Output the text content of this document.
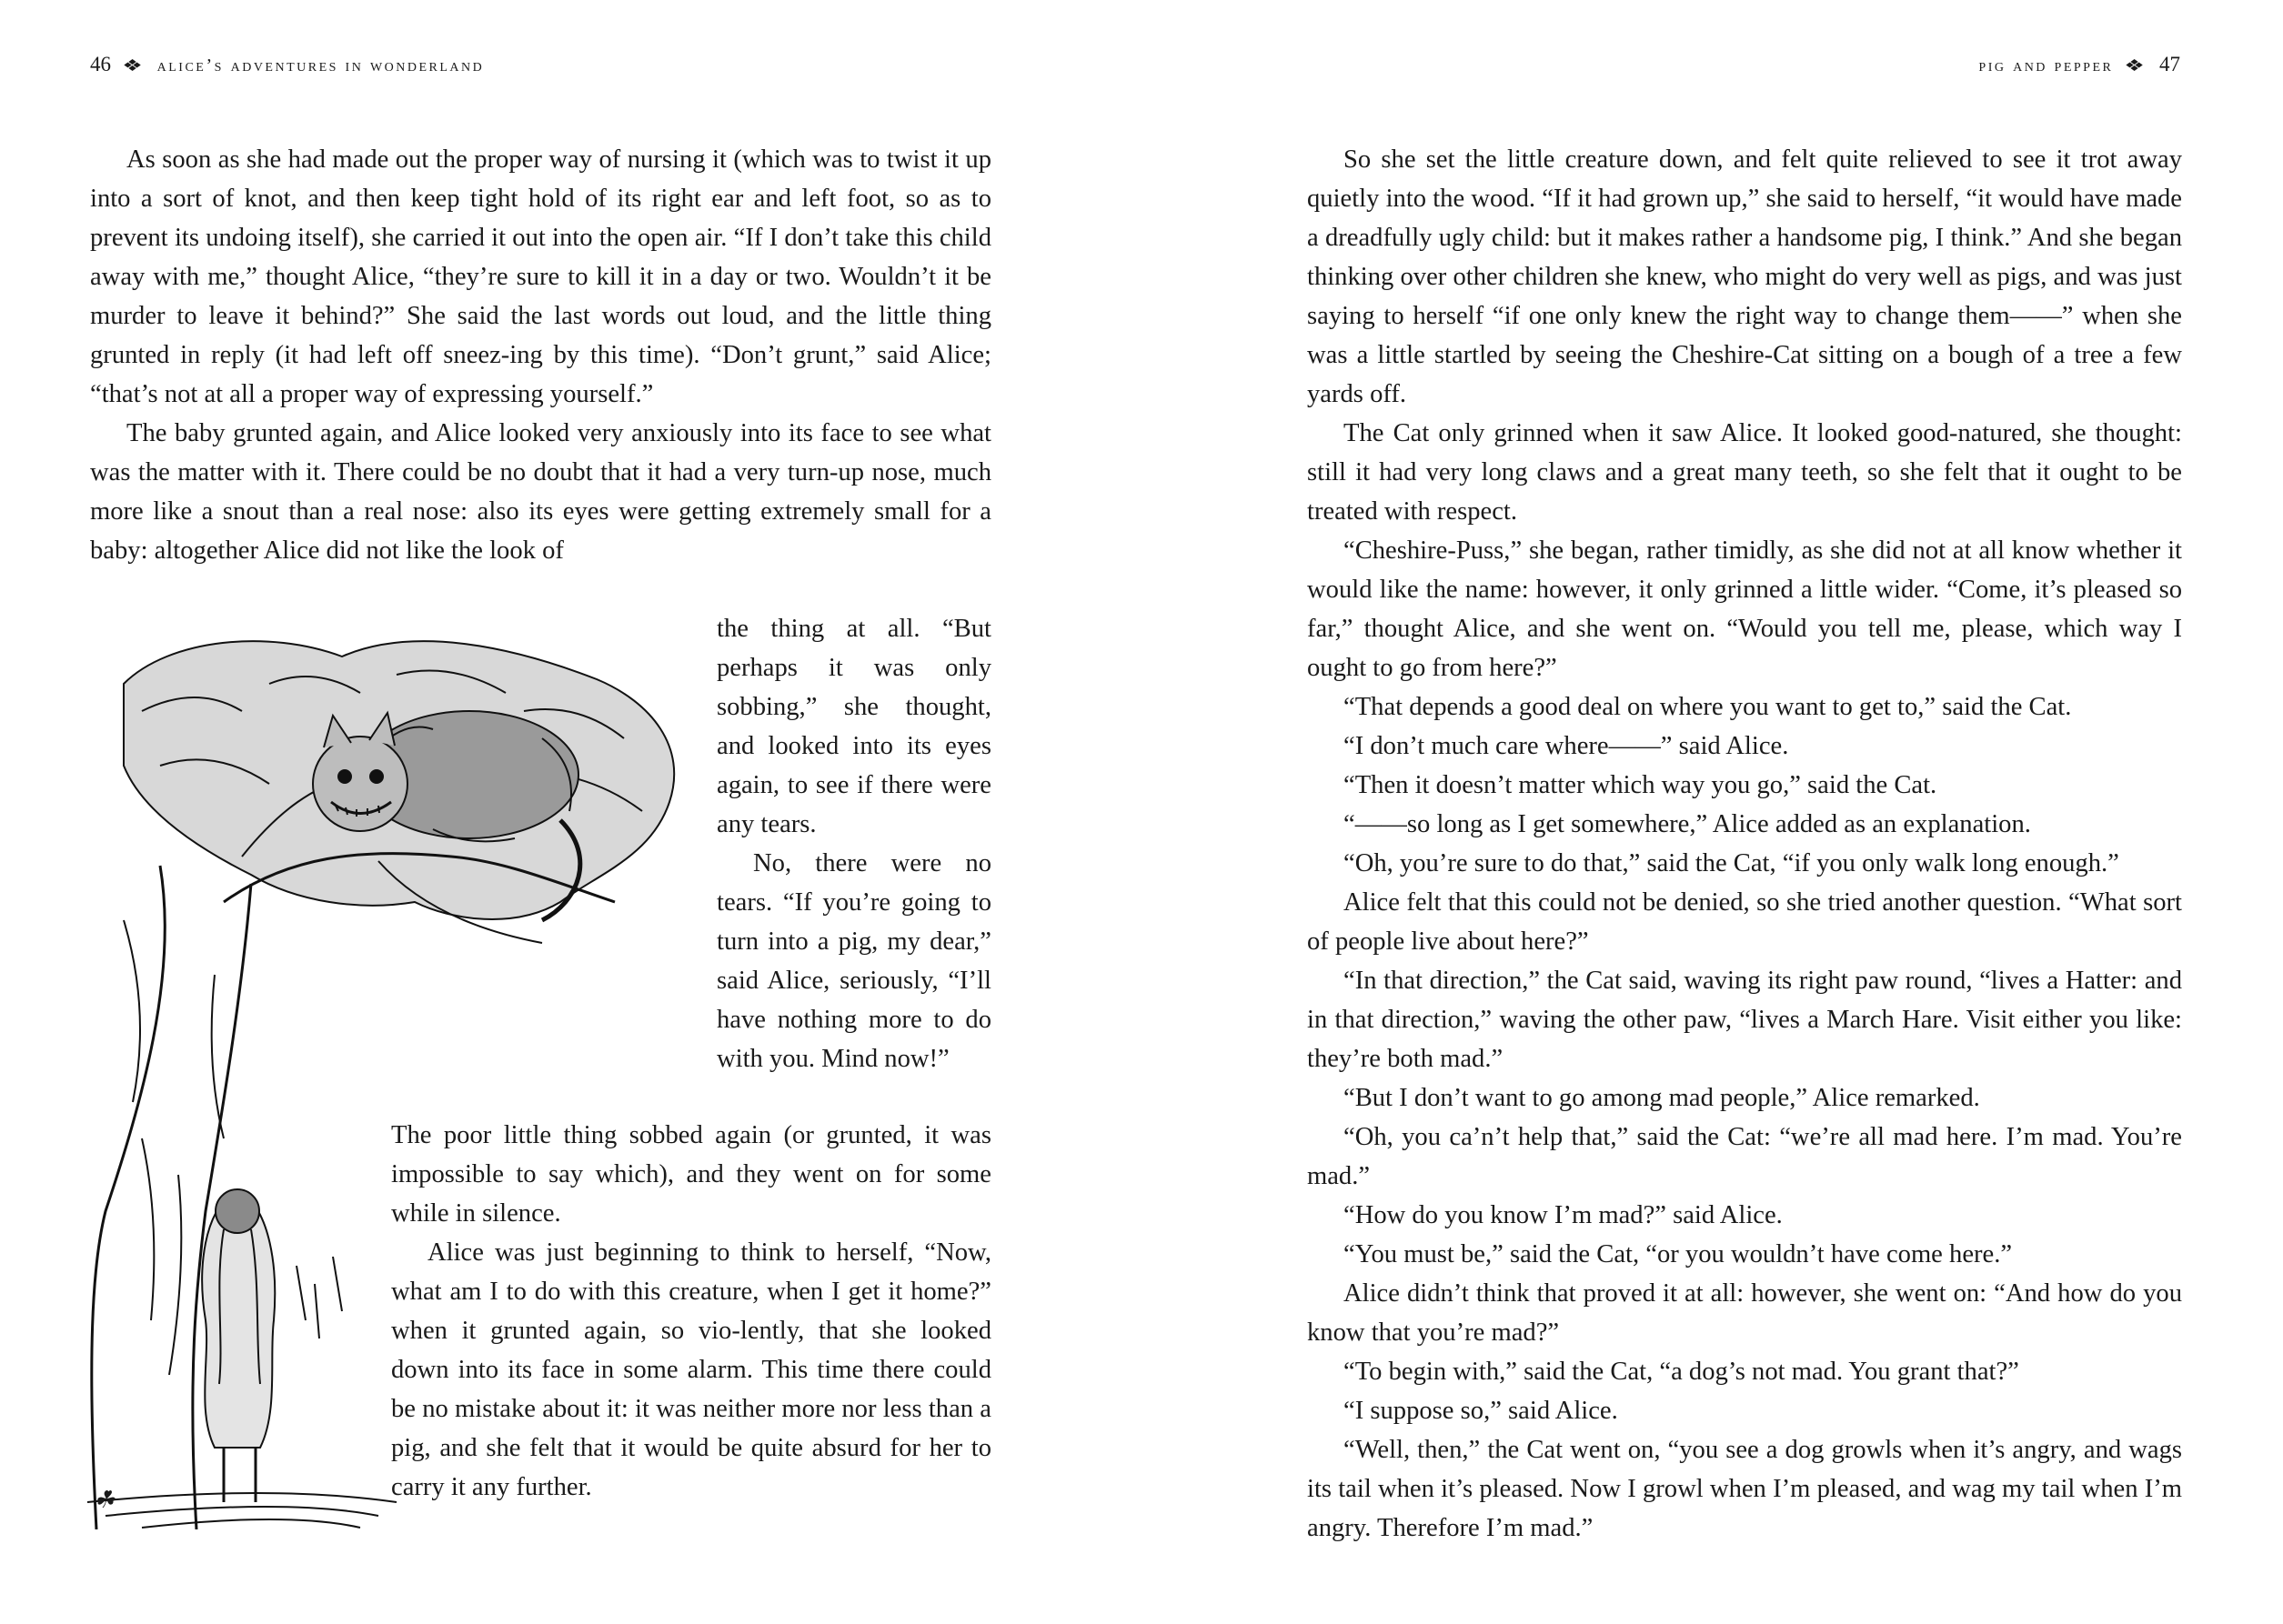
46 ❖ alice’s adventures in wonderland

As soon as she had made out the proper way of nursing it (which was to twist it up into a sort of knot, and then keep tight hold of its right ear and left foot, so as to prevent its undoing itself), she carried it out into the open air. “If I don’t take this child away with me,” thought Alice, “they’re sure to kill it in a day or two. Wouldn’t it be murder to leave it behind?” She said the last words out loud, and the little thing grunted in reply (it had left off sneez-ing by this time). “Don’t grunt,” said Alice; “that’s not at all a proper way of expressing yourself.”

The baby grunted again, and Alice looked very anxiously into its face to see what was the matter with it. There could be no doubt that it had a very turn-up nose, much more like a snout than a real nose: also its eyes were getting extremely small for a baby: altogether Alice did not like the look of

the thing at all. “But perhaps it was only sobbing,” she thought, and looked into its eyes again, to see if there were any tears.

No, there were no tears. “If you’re going to turn into a pig, my dear,” said Alice, seriously, “I’ll have nothing more to do with you. Mind now!”

The poor little thing sobbed again (or grunted, it was impossible to say which), and they went on for some while in silence.

Alice was just beginning to think to herself, “Now, what am I to do with this creature, when I get it home?” when it grunted again, so vio-lently, that she looked down into its face in some alarm. This time there could be no mistake about it: it was neither more nor less than a pig, and she felt that it would be quite absurd for her to carry it any further.

☘
pig and pepper ❖ 47

So she set the little creature down, and felt quite relieved to see it trot away quietly into the wood. “If it had grown up,” she said to herself, “it would have made a dreadfully ugly child: but it makes rather a handsome pig, I think.” And she began thinking over other children she knew, who might do very well as pigs, and was just saying to herself “if one only knew the right way to change them——” when she was a little startled by seeing the Cheshire-Cat sitting on a bough of a tree a few yards off.

The Cat only grinned when it saw Alice. It looked good-natured, she thought: still it had very long claws and a great many teeth, so she felt that it ought to be treated with respect.

“Cheshire-Puss,” she began, rather timidly, as she did not at all know whether it would like the name: however, it only grinned a little wider. “Come, it’s pleased so far,” thought Alice, and she went on. “Would you tell me, please, which way I ought to go from here?”

“That depends a good deal on where you want to get to,” said the Cat.

“I don’t much care where——” said Alice.

“Then it doesn’t matter which way you go,” said the Cat.

“——so long as I get somewhere,” Alice added as an explanation.

“Oh, you’re sure to do that,” said the Cat, “if you only walk long enough.”

Alice felt that this could not be denied, so she tried another question. “What sort of people live about here?”

“In that direction,” the Cat said, waving its right paw round, “lives a Hatter: and in that direction,” waving the other paw, “lives a March Hare. Visit either you like: they’re both mad.”

“But I don’t want to go among mad people,” Alice remarked.

“Oh, you ca’n’t help that,” said the Cat: “we’re all mad here. I’m mad. You’re mad.”

“How do you know I’m mad?” said Alice.

“You must be,” said the Cat, “or you wouldn’t have come here.”

Alice didn’t think that proved it at all: however, she went on: “And how do you know that you’re mad?”

“To begin with,” said the Cat, “a dog’s not mad. You grant that?”

“I suppose so,” said Alice.

“Well, then,” the Cat went on, “you see a dog growls when it’s angry, and wags its tail when it’s pleased. Now I growl when I’m pleased, and wag my tail when I’m angry. Therefore I’m mad.”
